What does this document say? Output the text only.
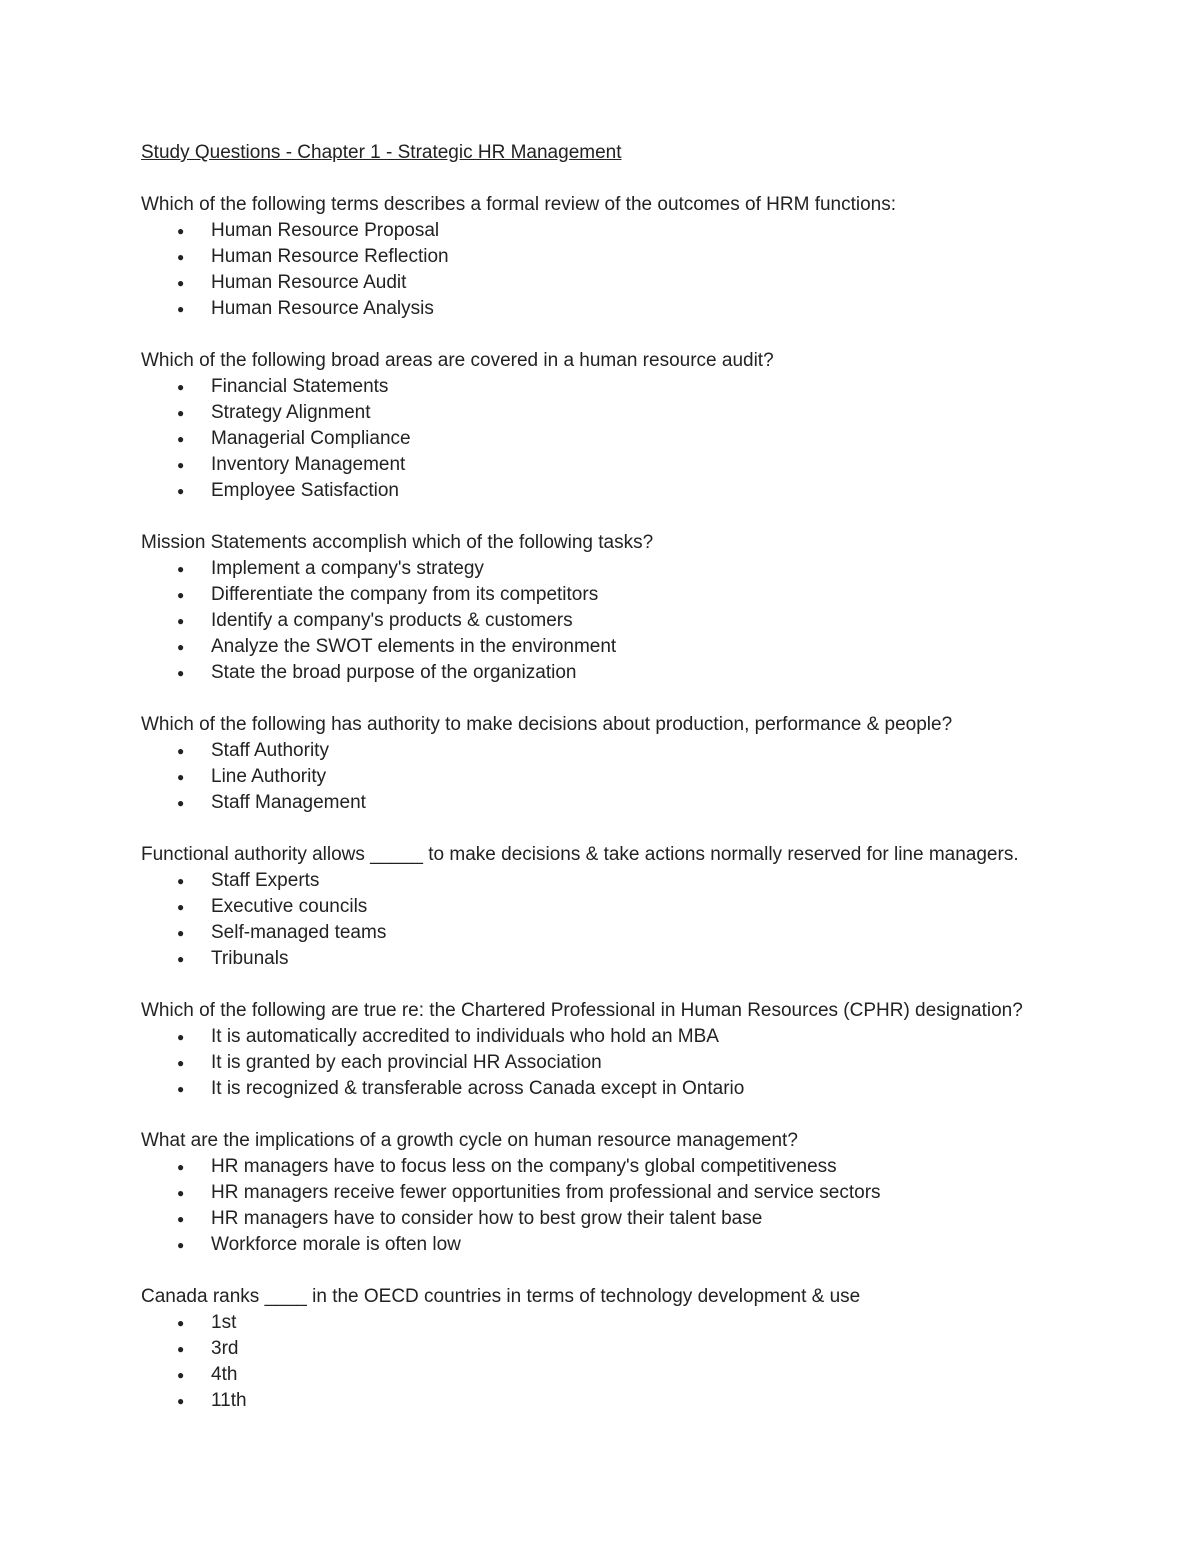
Study Questions - Chapter 1 - Strategic HR Management

Which of the following terms describes a formal review of the outcomes of HRM functions:

● Human Resource Proposal
● Human Resource Reflection
● Human Resource Audit
● Human Resource Analysis

Which of the following broad areas are covered in a human resource audit?

● Financial Statements
● Strategy Alignment
● Managerial Compliance
● Inventory Management
● Employee Satisfaction

Mission Statements accomplish which of the following tasks?

● Implement a company's strategy
● Differentiate the company from its competitors
● Identify a company's products & customers
● Analyze the SWOT elements in the environment
● State the broad purpose of the organization

Which of the following has authority to make decisions about production, performance & people?

● Staff Authority
● Line Authority
● Staff Management

Functional authority allows _____ to make decisions & take actions normally reserved for line managers.

● Staff Experts
● Executive councils
● Self-managed teams
● Tribunals

Which of the following are true re: the Chartered Professional in Human Resources (CPHR) designation?

● It is automatically accredited to individuals who hold an MBA
● It is granted by each provincial HR Association
● It is recognized & transferable across Canada except in Ontario

What are the implications of a growth cycle on human resource management?

● HR managers have to focus less on the company's global competitiveness
● HR managers receive fewer opportunities from professional and service sectors
● HR managers have to consider how to best grow their talent base
● Workforce morale is often low

Canada ranks ____ in the OECD countries in terms of technology development & use

● 1st
● 3rd
● 4th
● 11th
